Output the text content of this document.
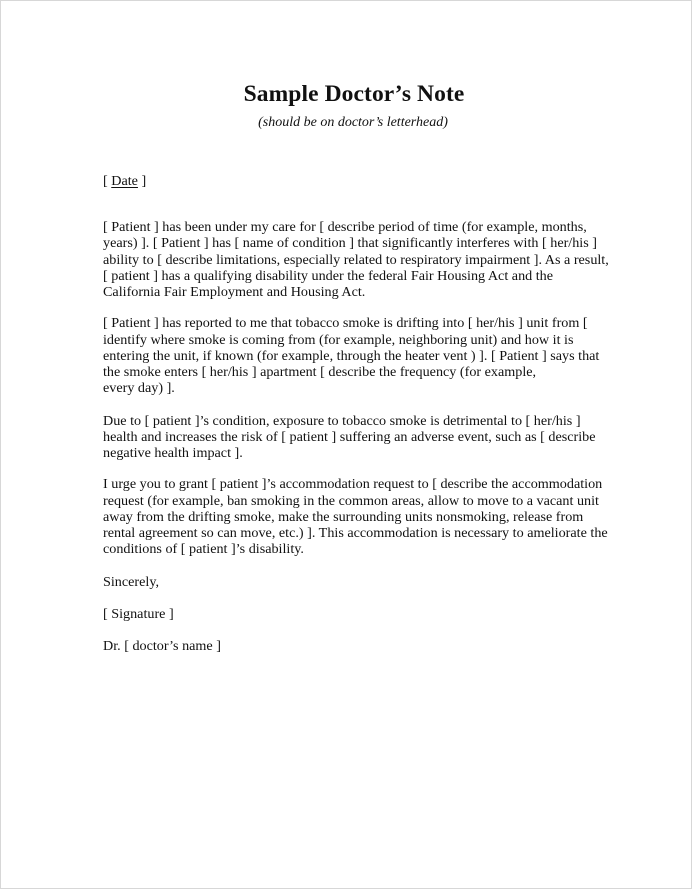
Sample Doctor’s Note

(should be on doctor’s letterhead)

[ Date ]

[ Patient ] has been under my care for [ describe period of time (for example, months,
years) ]. [ Patient ] has [ name of condition ] that significantly interferes with [ her/his ]
ability to [ describe limitations, especially related to respiratory impairment ]. As a result,
[ patient ] has a qualifying disability under the federal Fair Housing Act and the
California Fair Employment and Housing Act.

[ Patient ] has reported to me that tobacco smoke is drifting into [ her/his ] unit from [
identify where smoke is coming from (for example, neighboring unit) and how it is
entering the unit, if known (for example, through the heater vent ) ]. [ Patient ] says that
the smoke enters [ her/his ] apartment [ describe the frequency (for example,
every day) ].

Due to [ patient ]’s condition, exposure to tobacco smoke is detrimental to [ her/his ]
health and increases the risk of [ patient ] suffering an adverse event, such as [ describe
negative health impact ].

I urge you to grant [ patient ]’s accommodation request to [ describe the accommodation
request (for example, ban smoking in the common areas, allow to move to a vacant unit
away from the drifting smoke, make the surrounding units nonsmoking, release from
rental agreement so can move, etc.) ]. This accommodation is necessary to ameliorate the
conditions of [ patient ]’s disability.

Sincerely,

[ Signature ]

Dr. [ doctor’s name ]
